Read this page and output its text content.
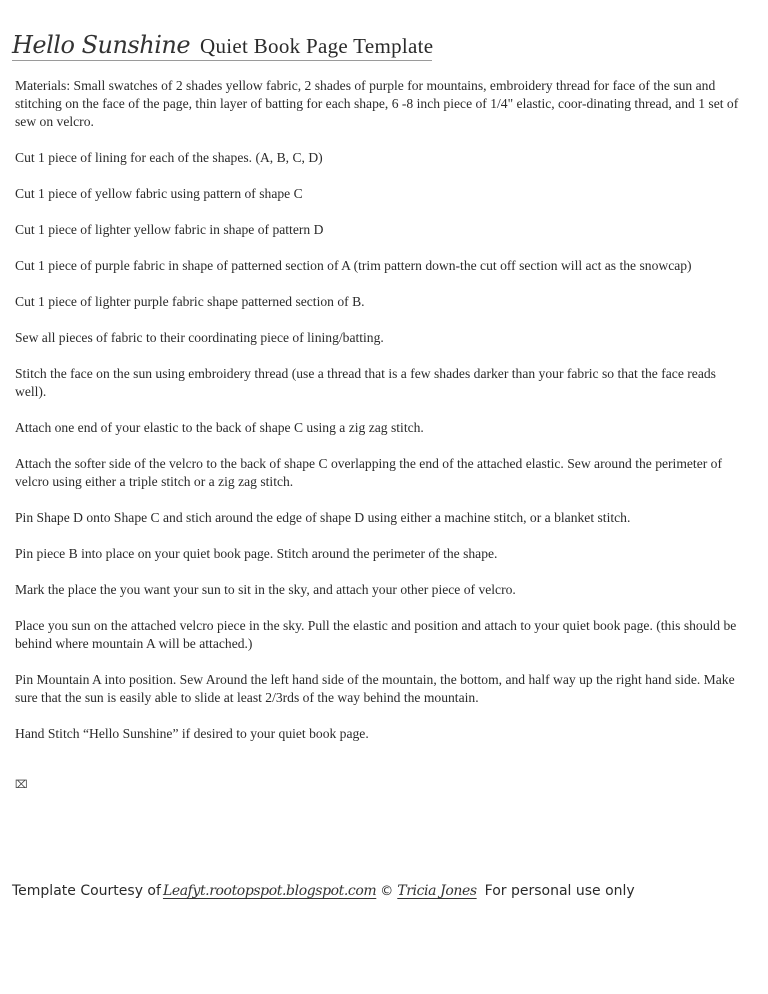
Hello Sunshine Quiet Book Page Template

Materials: Small swatches of 2 shades yellow fabric, 2 shades of purple for mountains, embroidery thread for face of the sun and stitching on the face of the page, thin layer of batting for each shape, 6 -8 inch piece of 1/4" elastic, coor-dinating thread, and 1 set of sew on velcro.

Cut 1 piece of lining for each of the shapes. (A, B, C, D)

Cut 1 piece of yellow fabric using pattern of shape C

Cut 1 piece of lighter yellow fabric in shape of pattern D

Cut 1 piece of purple fabric in shape of patterned section of A (trim pattern down-the cut off section will act as the snowcap)

Cut 1 piece of lighter purple fabric shape patterned section of B.

Sew all pieces of fabric to their coordinating piece of lining/batting.

Stitch the face on the sun using embroidery thread (use a thread that is a few shades darker than your fabric so that the face reads well).

Attach one end of your elastic to the back of shape C using a zig zag stitch.

Attach the softer side of the velcro to the back of shape C overlapping the end of the attached elastic. Sew around the perimeter of velcro using either a triple stitch or a zig zag stitch.

Pin Shape D onto Shape C and stich around the edge of shape D using either a machine stitch, or a blanket stitch.

Pin piece B into place on your quiet book page. Stitch around the perimeter of the shape.

Mark the place the you want your sun to sit in the sky, and attach your other piece of velcro.

Place you sun on the attached velcro piece in the sky. Pull the elastic and position and attach to your quiet book page. (this should be behind where mountain A will be attached.)

Pin Mountain A into position. Sew Around the left hand side of the mountain, the bottom, and half way up the right hand side. Make sure that the sun is easily able to slide at least 2/3rds of the way behind the mountain.

Hand Stitch “Hello Sunshine” if desired to your quiet book page.

⌧
Template Courtesy of Leafyt.rootopspot.blogspot.com © Tricia Jones For personal use only
